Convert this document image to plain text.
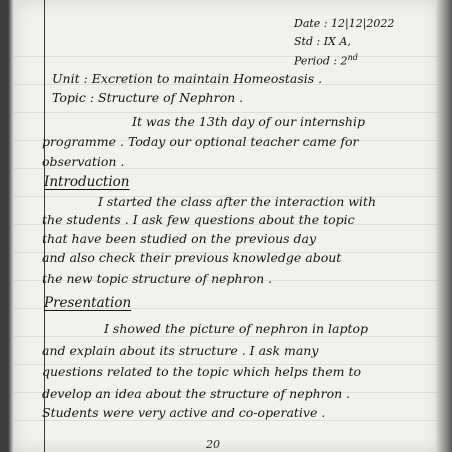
Date : 12|12|2022
Std : IX A,
Period : 2nd
Unit : Excretion to maintain Homeostasis .
Topic : Structure of Nephron .
It was the 13th day of our internship
programme . Today our optional teacher came for
observation .
Introduction
I started the class after the interaction with
the students . I ask few questions about the topic
that have been studied on the previous day
and also check their previous knowledge about
the new topic structure of nephron .
Presentation
I showed the picture of nephron in laptop
and explain about its structure . I ask many
questions related to the topic which helps them to
develop an idea about the structure of nephron .
Students were very active and co-operative .
20
